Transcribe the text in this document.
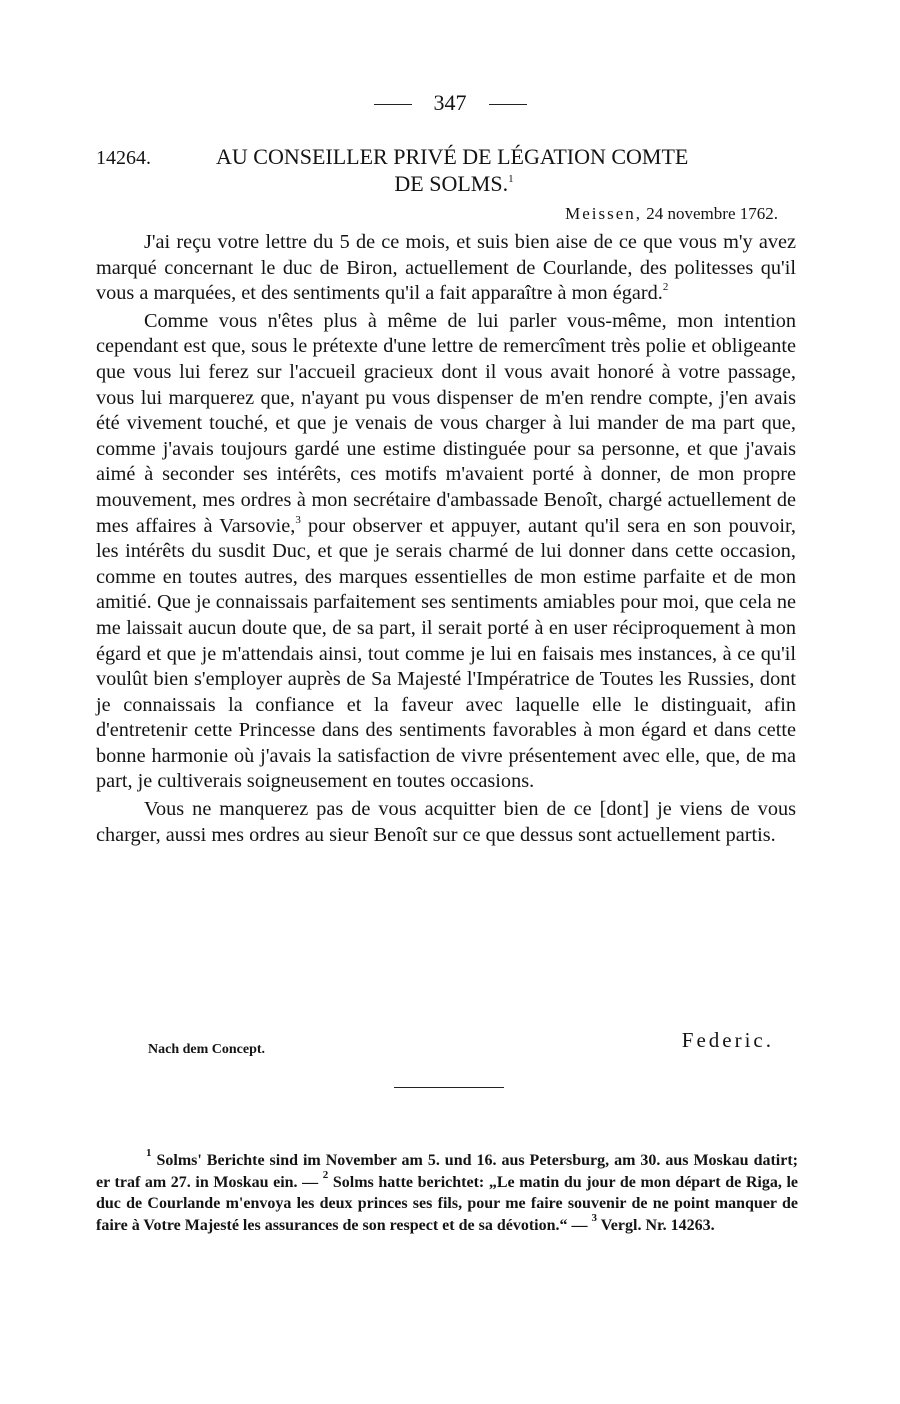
347
14264.	AU CONSEILLER PRIVÉ DE LÉGATION COMTE
DE SOLMS.$^1$
Meissen, 24 novembre 1762.

J'ai reçu votre lettre du 5 de ce mois, et suis bien aise de ce que vous m'y avez marqué concernant le duc de Biron, actuellement de Courlande, des politesses qu'il vous a marquées, et des sentiments qu'il a fait apparaître à mon égard.$^2$

Comme vous n'êtes plus à même de lui parler vous-même, mon intention cependant est que, sous le prétexte d'une lettre de remercîment très polie et obligeante que vous lui ferez sur l'accueil gracieux dont il vous avait honoré à votre passage, vous lui marquerez que, n'ayant pu vous dispenser de m'en rendre compte, j'en avais été vivement touché, et que je venais de vous charger à lui mander de ma part que, comme j'avais toujours gardé une estime distinguée pour sa personne, et que j'avais aimé à seconder ses intérêts, ces motifs m'avaient porté à donner, de mon propre mouvement, mes ordres à mon secrétaire d'ambassade Benoît, chargé actuellement de mes affaires à Varsovie,$^3$ pour observer et appuyer, autant qu'il sera en son pouvoir, les intérêts du susdit Duc, et que je serais charmé de lui donner dans cette occasion, comme en toutes autres, des marques essentielles de mon estime parfaite et de mon amitié. Que je connaissais parfaitement ses sentiments amiables pour moi, que cela ne me laissait aucun doute que, de sa part, il serait porté à en user réciproquement à mon égard et que je m'attendais ainsi, tout comme je lui en faisais mes instances, à ce qu'il voulût bien s'employer auprès de Sa Majesté l'Impératrice de Toutes les Russies, dont je connaissais la confiance et la faveur avec laquelle elle le distinguait, afin d'entretenir cette Princesse dans des sentiments favorables à mon égard et dans cette bonne harmonie où j'avais la satisfaction de vivre présentement avec elle, que, de ma part, je cultiverais soigneusement en toutes occasions.

Vous ne manquerez pas de vous acquitter bien de ce [dont] je viens de vous charger, aussi mes ordres au sieur Benoît sur ce que dessus sont actuellement partis.

Nach dem Concept.	Federic.

$^1$ Solms' Berichte sind im November am 5. und 16. aus Petersburg, am 30. aus Moskau datirt; er traf am 27. in Moskau ein. — $^2$ Solms hatte berichtet: „Le matin du jour de mon départ de Riga, le duc de Courlande m'envoya les deux princes ses fils, pour me faire souvenir de ne point manquer de faire à Votre Majesté les assurances de son respect et de sa dévotion.“ — $^3$ Vergl. Nr. 14263.
